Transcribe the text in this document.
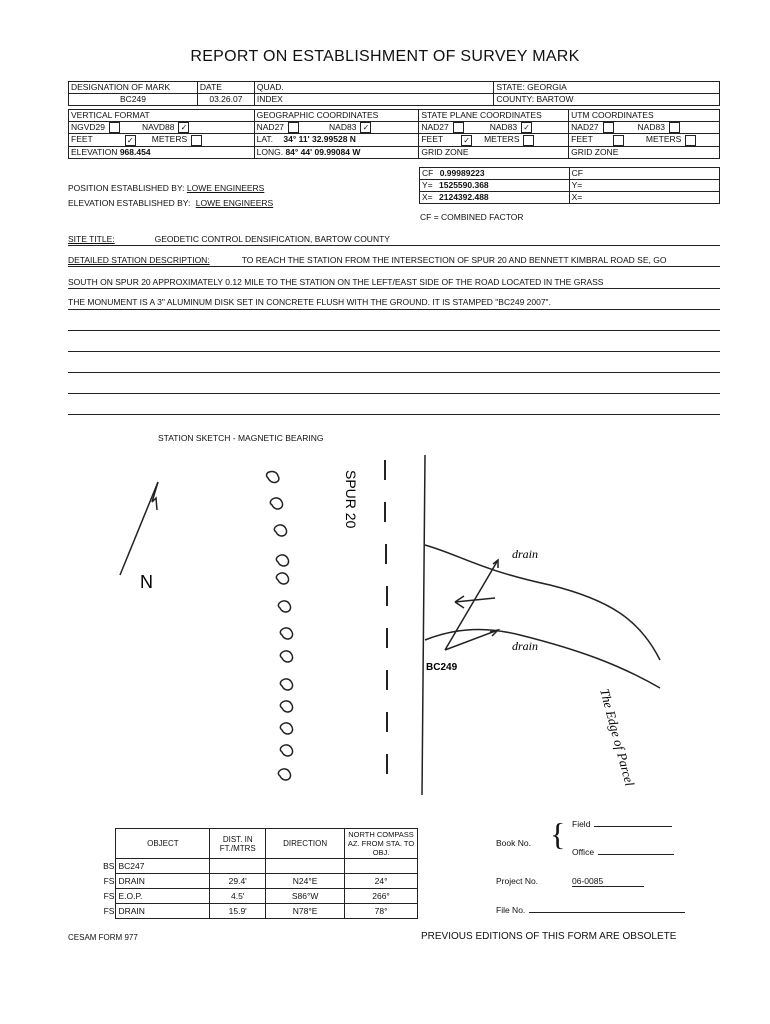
REPORT ON ESTABLISHMENT OF SURVEY MARK
DESIGNATION OF MARK	DATE	QUAD.	STATE: GEORGIA
BC249	03.26.07	INDEX	COUNTY: BARTOW
VERTICAL FORMAT	GEOGRAPHIC COORDINATES	STATE PLANE COORDINATES	UTM COORDINATES
NGVD29 NAVD88 ✓	NAD27 NAD83 ✓	NAD27 NAD83 ✓	NAD27 NAD83
FEET ✓ METERS	LAT. 34° 11' 32.99528 N	FEET ✓ METERS	FEET METERS
ELEVATION 968.454	LONG. 84° 44' 09.99084 W	GRID ZONE	GRID ZONE
CF 0.99989223	CF
Y= 1525590.368	Y=
X= 2124392.488	X=
CF = COMBINED FACTOR
POSITION ESTABLISHED BY: LOWE ENGINEERS
ELEVATION ESTABLISHED BY: LOWE ENGINEERS
SITE TITLE:	GEODETIC CONTROL DENSIFICATION, BARTOW COUNTY
DETAILED STATION DESCRIPTION:	TO REACH THE STATION FROM THE INTERSECTION OF SPUR 20 AND BENNETT KIMBRAL ROAD SE, GO
SOUTH ON SPUR 20 APPROXIMATELY 0.12 MILE TO THE STATION ON THE LEFT/EAST SIDE OF THE ROAD LOCATED IN THE GRASS
THE MONUMENT IS A 3" ALUMINUM DISK SET IN CONCRETE FLUSH WITH THE GROUND. IT IS STAMPED "BC249 2007".
STATION SKETCH - MAGNETIC BEARING
N
SPUR 20
drain
drain
BC249
The Edge of Parcel
	OBJECT	DIST. IN FT./MTRS	DIRECTION	NORTH COMPASS AZ. FROM STA. TO OBJ.
BS	BC247			
FS	DRAIN	29.4'	N24°E	24°
FS	E.O.P.	4.5'	S86°W	266°
FS	DRAIN	15.9'	N78°E	78°
Book No. { Field
Office
Project No.	06-0085
File No.
CESAM FORM 977	PREVIOUS EDITIONS OF THIS FORM ARE OBSOLETE
